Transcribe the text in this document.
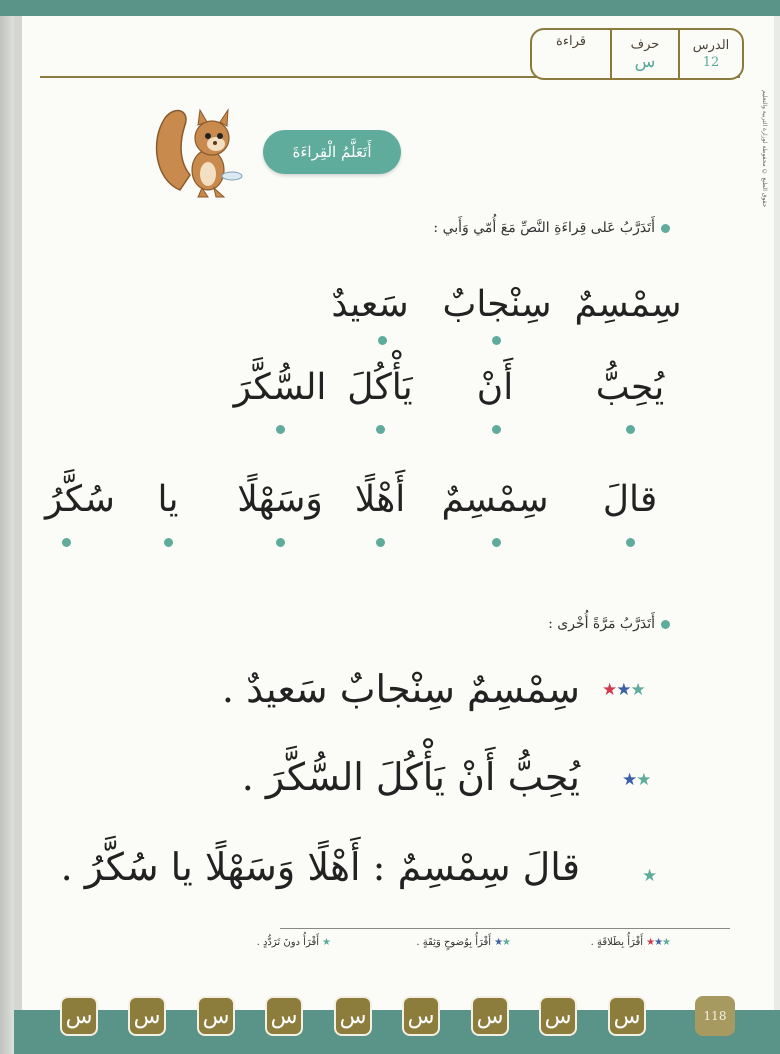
الدرس
12
حرف
س
قراءة
حقوق الطبع © محفوظة لوزارة التربية والتعليم
أَتَعَلَّمُ الْقِراءَةَ
أَتَدَرَّبُ عَلى قِراءَةِ النَّصِّ مَعَ أُمّي وَأَبي :
سِمْسِمٌ
سِنْجابٌ
سَعيدٌ
يُحِبُّ
أَنْ
يَأْكُلَ
السُّكَّرَ
قالَ
سِمْسِمٌ
أَهْلًا
وَسَهْلًا
يا
سُكَّرُ
أَتَدَرَّبُ مَرَّةً أُخْرى :
★ ★ ★
سِمْسِمٌ سِنْجابٌ سَعيدٌ .
★ ★
يُحِبُّ أَنْ يَأْكُلَ السُّكَّرَ .
★
قالَ سِمْسِمٌ : أَهْلًا وَسَهْلًا يا سُكَّرُ .
★ ★ ★
أَقْرَأُ بِطَلاقَةٍ .
★ ★
أَقْرَأُ بِوُضوحٍ وَثِقَةٍ .
★
أَقْرَأُ دونَ تَرَدُّدٍ .
س س س س س س س س س	118
